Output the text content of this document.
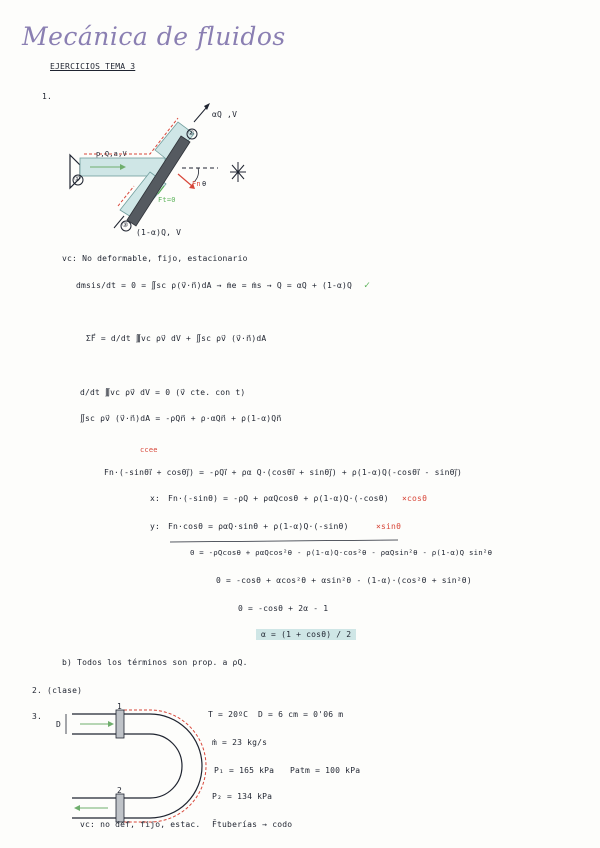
Mecánica de fluidos
EJERCICIOS TEMA 3
1.
p,Q,a,V
αQ ,V
(1-α)Q, V
①
②
③
Fn
Ft=0
θ
vc: No deformable, fijo, estacionario
dmsis/dt = 0 = ∬sc ρ(v⃗·n⃗)dA → ṁe = ṁs → Q = αQ + (1-α)Q ✓
ΣF⃗ = d/dt ∭vc ρv⃗ dV + ∬sc ρv⃗ (v⃗·n⃗)dA
d/dt ∭vc ρv⃗ dV = 0 (v⃗ cte. con t)
∬sc ρv⃗ (v⃗·n⃗)dA = -ρQn⃗ + ρ·αQn⃗ + ρ(1-α)Qn⃗
ccee
Fn·(-sinθi⃗ + cosθj⃗) = -ρQi⃗ + ρα Q·(cosθi⃗ + sinθj⃗) + ρ(1-α)Q(-cosθi⃗ - sinθj⃗)
x: Fn·(-sinθ) = -ρQ + ραQcosθ + ρ(1-α)Q·(-cosθ) ×cosθ
y: Fn·cosθ = ραQ·sinθ + ρ(1-α)Q·(-sinθ)	×sinθ
0 = -ρQcosθ + ραQcos²θ - ρ(1-α)Q·cos²θ - ραQsin²θ - ρ(1-α)Q sin²θ
0 = -cosθ + αcos²θ + αsin²θ - (1-α)·(cos²θ + sin²θ)
0 = -cosθ + 2α - 1
α = (1 + cosθ) / 2
b) Todos los términos son prop. a ρQ.
2. (clase)
3.
D
1
2
T = 20ºC D = 6 cm = 0'06 m
ṁ = 23 kg/s
P₁ = 165 kPa Patm = 100 kPa
P₂ = 134 kPa
vc: no def, fijo, estac. F̄tuberías → codo
